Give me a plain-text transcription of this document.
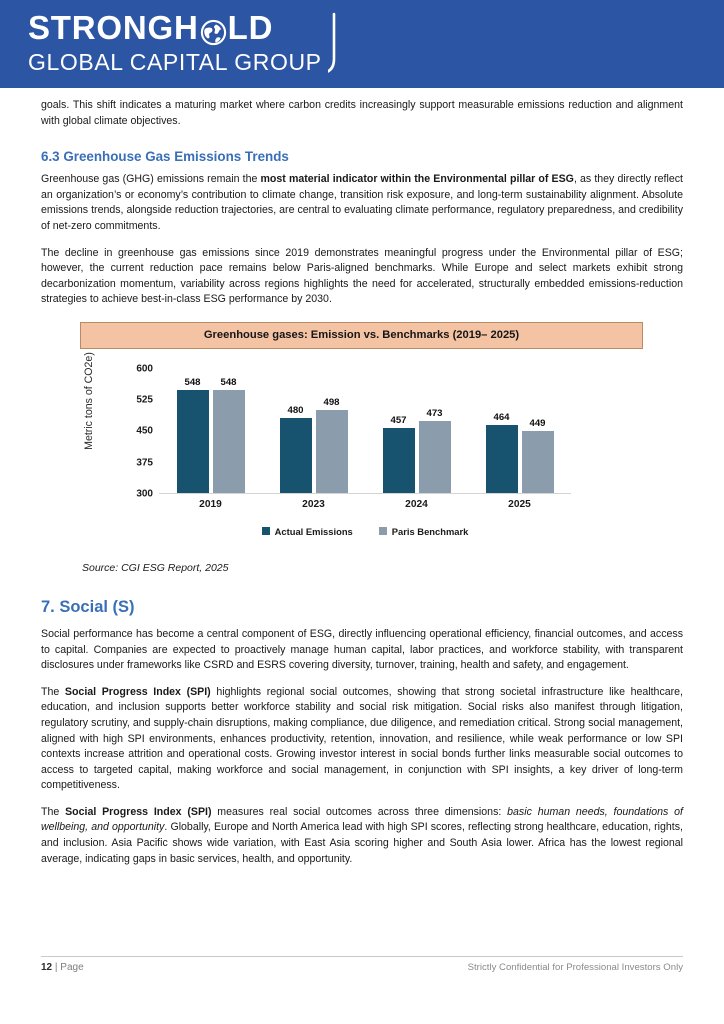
STRONGH LD
GLOBAL CAPITAL GROUP

goals. This shift indicates a maturing market where carbon credits increasingly support measurable emissions reduction and alignment with global climate objectives.

6.3 Greenhouse Gas Emissions Trends

Greenhouse gas (GHG) emissions remain the most material indicator within the Environmental pillar of ESG, as they directly reflect an organization’s or economy’s contribution to climate change, transition risk exposure, and long-term sustainability alignment. Absolute emissions trends, alongside reduction trajectories, are central to evaluating climate performance, regulatory preparedness, and credibility of net-zero commitments.

The decline in greenhouse gas emissions since 2019 demonstrates meaningful progress under the Environmental pillar of ESG; however, the current reduction pace remains below Paris-aligned benchmarks. While Europe and select markets exhibit strong decarbonization momentum, variability across regions highlights the need for accelerated, structurally embedded emissions-reduction strategies to achieve best-in-class ESG performance by 2030.

Greenhouse gases: Emission vs. Benchmarks (2019– 2025)
Metric tons of CO2e)	600
525
450
375
300
548 548
480
498
457
473	464
449
2019	2023	2024	2025
Actual Emissions	Paris Benchmark
Source: CGI ESG Report, 2025
7. Social (S)

Social performance has become a central component of ESG, directly influencing operational efficiency, financial outcomes, and access to capital. Companies are expected to proactively manage human capital, labor practices, and workforce stability, with transparent disclosures under frameworks like CSRD and ESRS covering diversity, turnover, training, health and safety, and engagement.

The Social Progress Index (SPI) highlights regional social outcomes, showing that strong societal infrastructure like healthcare, education, and inclusion supports better workforce stability and social risk mitigation. Social risks also manifest through litigation, regulatory scrutiny, and supply-chain disruptions, making compliance, due diligence, and remediation critical. Strong social management, aligned with high SPI environments, enhances productivity, retention, innovation, and resilience, while weak performance or low SPI contexts increase attrition and operational costs. Growing investor interest in social bonds further links measurable social outcomes to access to targeted capital, making workforce and social management, in conjunction with SPI insights, a key driver of long-term competitiveness.

The Social Progress Index (SPI) measures real social outcomes across three dimensions: basic human needs, foundations of wellbeing, and opportunity. Globally, Europe and North America lead with high SPI scores, reflecting strong healthcare, education, rights, and inclusion. Asia Pacific shows wide variation, with East Asia scoring higher and South Asia lower. Africa has the lowest regional average, indicating gaps in basic services, health, and opportunity.

12 | Page	Strictly Confidential for Professional Investors Only
